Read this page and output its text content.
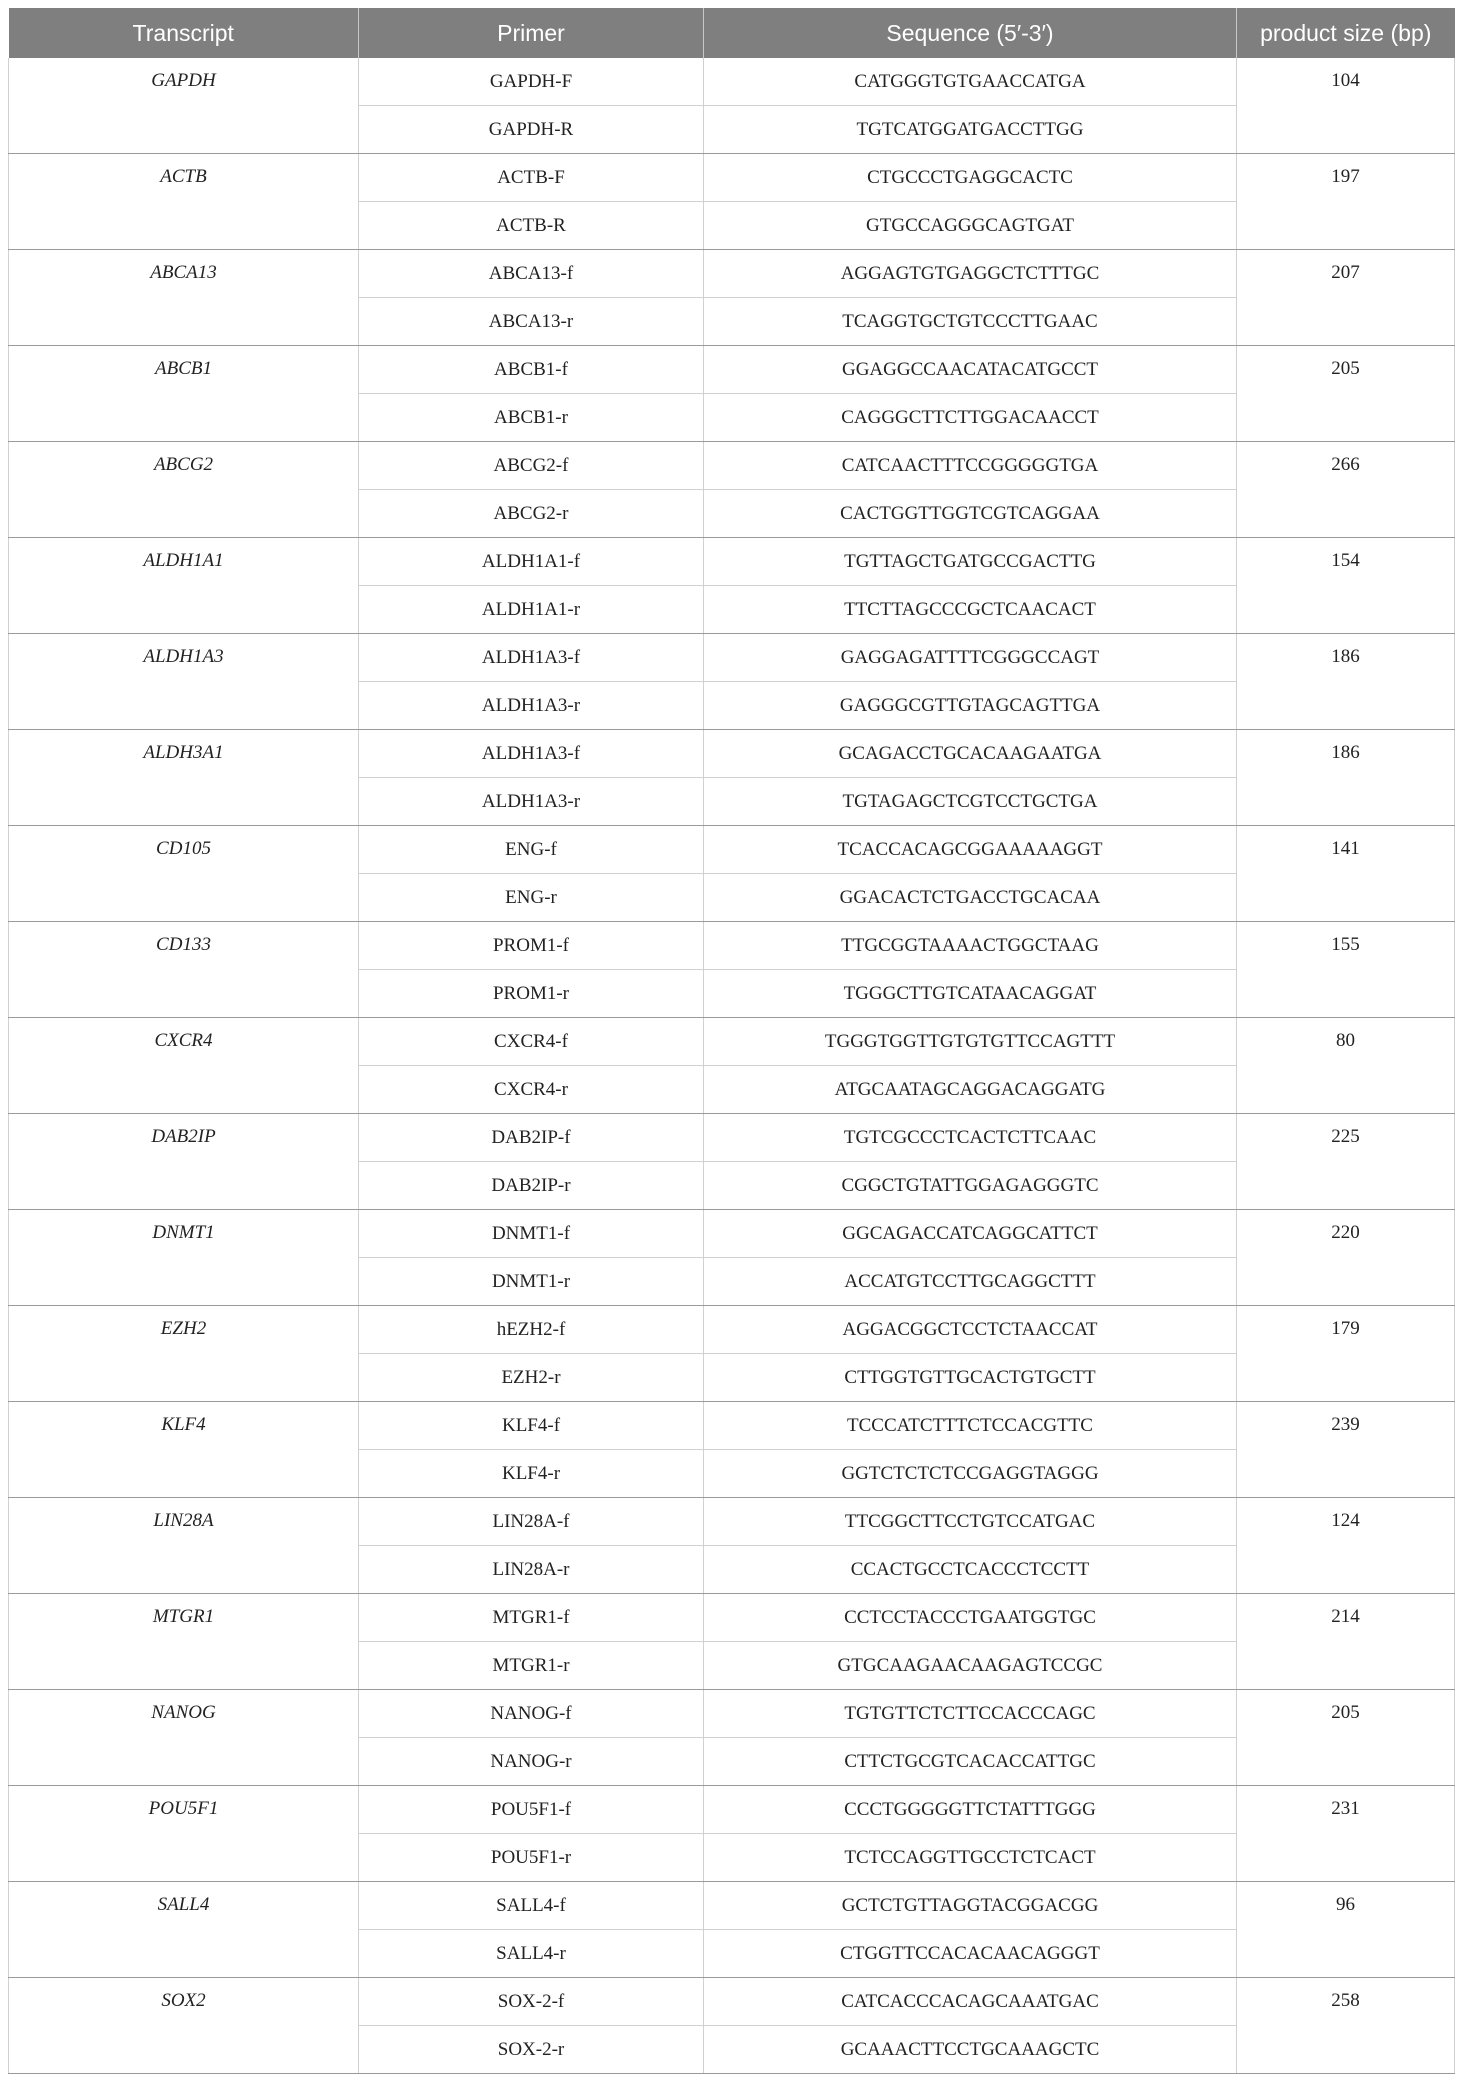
Transcript	Primer	Sequence (5′-3′)	product size (bp)
GAPDH	GAPDH-F	CATGGGTGTGAACCATGA	104
	GAPDH-R	TGTCATGGATGACCTTGG	
ACTB	ACTB-F	CTGCCCTGAGGCACTC	197
	ACTB-R	GTGCCAGGGCAGTGAT	
ABCA13	ABCA13-f	AGGAGTGTGAGGCTCTTTGC	207
	ABCA13-r	TCAGGTGCTGTCCCTTGAAC	
ABCB1	ABCB1-f	GGAGGCCAACATACATGCCT	205
	ABCB1-r	CAGGGCTTCTTGGACAACCT	
ABCG2	ABCG2-f	CATCAACTTTCCGGGGGTGA	266
	ABCG2-r	CACTGGTTGGTCGTCAGGAA	
ALDH1A1	ALDH1A1-f	TGTTAGCTGATGCCGACTTG	154
	ALDH1A1-r	TTCTTAGCCCGCTCAACACT	
ALDH1A3	ALDH1A3-f	GAGGAGATTTTCGGGCCAGT	186
	ALDH1A3-r	GAGGGCGTTGTAGCAGTTGA	
ALDH3A1	ALDH1A3-f	GCAGACCTGCACAAGAATGA	186
	ALDH1A3-r	TGTAGAGCTCGTCCTGCTGA	
CD105	ENG-f	TCACCACAGCGGAAAAAGGT	141
	ENG-r	GGACACTCTGACCTGCACAA	
CD133	PROM1-f	TTGCGGTAAAACTGGCTAAG	155
	PROM1-r	TGGGCTTGTCATAACAGGAT	
CXCR4	CXCR4-f	TGGGTGGTTGTGTGTTCCAGTTT	80
	CXCR4-r	ATGCAATAGCAGGACAGGATG	
DAB2IP	DAB2IP-f	TGTCGCCCTCACTCTTCAAC	225
	DAB2IP-r	CGGCTGTATTGGAGAGGGTC	
DNMT1	DNMT1-f	GGCAGACCATCAGGCATTCT	220
	DNMT1-r	ACCATGTCCTTGCAGGCTTT	
EZH2	hEZH2-f	AGGACGGCTCCTCTAACCAT	179
	EZH2-r	CTTGGTGTTGCACTGTGCTT	
KLF4	KLF4-f	TCCCATCTTTCTCCACGTTC	239
	KLF4-r	GGTCTCTCTCCGAGGTAGGG	
LIN28A	LIN28A-f	TTCGGCTTCCTGTCCATGAC	124
	LIN28A-r	CCACTGCCTCACCCTCCTT	
MTGR1	MTGR1-f	CCTCCTACCCTGAATGGTGC	214
	MTGR1-r	GTGCAAGAACAAGAGTCCGC	
NANOG	NANOG-f	TGTGTTCTCTTCCACCCAGC	205
	NANOG-r	CTTCTGCGTCACACCATTGC	
POU5F1	POU5F1-f	CCCTGGGGGTTCTATTTGGG	231
	POU5F1-r	TCTCCAGGTTGCCTCTCACT	
SALL4	SALL4-f	GCTCTGTTAGGTACGGACGG	96
	SALL4-r	CTGGTTCCACACAACAGGGT	
SOX2	SOX-2-f	CATCACCCACAGCAAATGAC	258
	SOX-2-r	GCAAACTTCCTGCAAAGCTC	
